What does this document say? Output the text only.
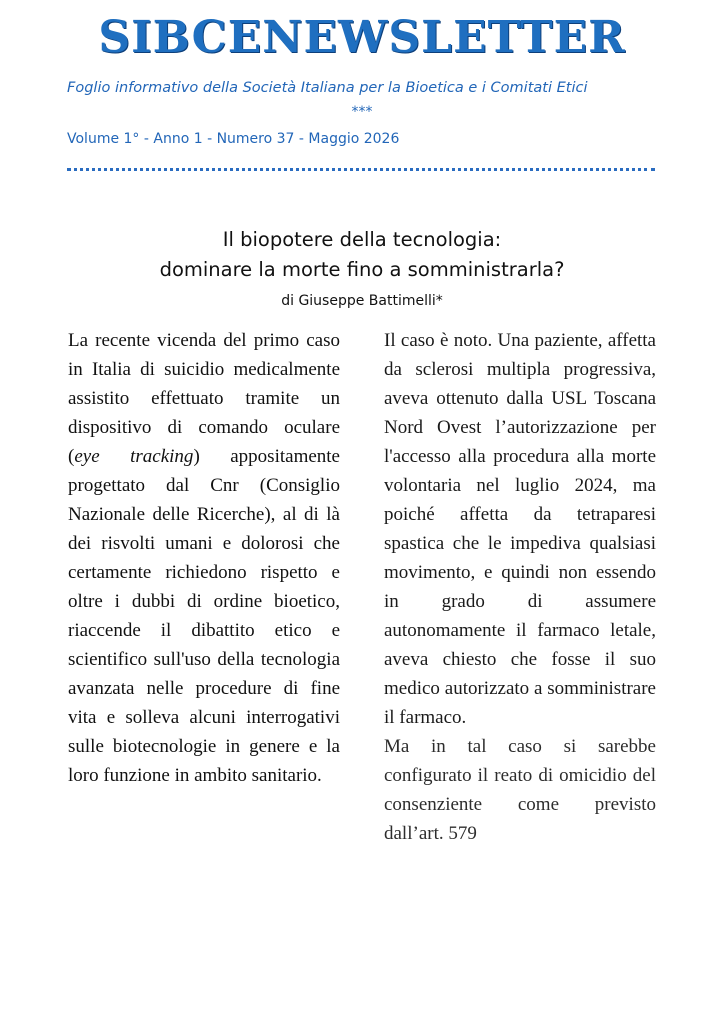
SIBCENEWSLETTER
Foglio informativo della Società Italiana per la Bioetica e i Comitati Etici
***
Volume 1° - Anno 1 - Numero 37 - Maggio 2026
Il biopotere della tecnologia:
dominare la morte fino a somministrarla?
di Giuseppe Battimelli*

La recente vicenda del primo caso in Italia di suicidio medicalmente assistito effettuato tramite un dispositivo di comando oculare (eye tracking) appositamente progettato dal Cnr (Consiglio Nazionale delle Ricerche), al di là dei risvolti umani e dolorosi che certamente richiedono rispetto e oltre i dubbi di ordine bioetico, riaccende il dibattito etico e scientifico sull'uso della tecnologia avanzata nelle procedure di fine vita e solleva alcuni interrogativi sulle biotecnologie in genere e la loro funzione in ambito sanitario.

Il caso è noto. Una paziente, affetta da sclerosi multipla progressiva, aveva ottenuto dalla USL Toscana Nord Ovest l’autorizzazione per l'accesso alla procedura alla morte volontaria nel luglio 2024, ma poiché affetta da tetraparesi spastica che le impediva qualsiasi movimento, e quindi non essendo in grado di assumere autonomamente il farmaco letale, aveva chiesto che fosse il suo medico autorizzato a somministrare il farmaco.

Ma in tal caso si sarebbe configurato il reato di omicidio del consenziente come previsto dall’art. 579
